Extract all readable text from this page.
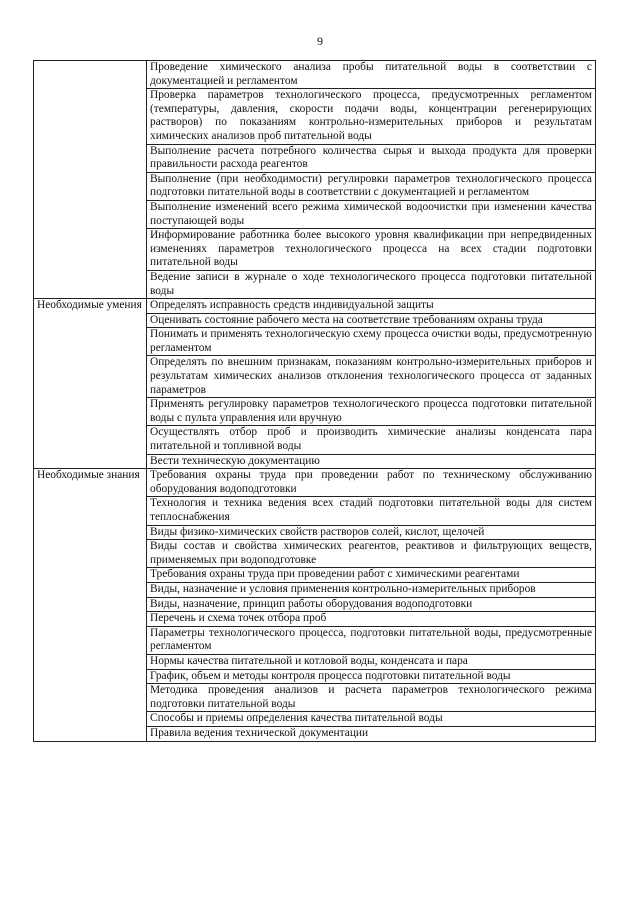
9

	Проведение химического анализа пробы питательной воды в соответствии с документацией и регламентом

	Проверка параметров технологического процесса, предусмотренных регламентом (температуры, давления, скорости подачи воды, концентрации регенерирующих растворов) по показаниям контрольно-измерительных приборов и результатам химических анализов проб питательной воды

	Выполнение расчета потребного количества сырья и выхода продукта для проверки правильности расхода реагентов

	Выполнение (при необходимости) регулировки параметров технологического процесса подготовки питательной воды в соответствии с документацией и регламентом

	Выполнение изменений всего режима химической водоочистки при изменении качества поступающей воды

	Информирование работника более высокого уровня квалификации при непредвиденных изменениях параметров технологического процесса на всех стадии подготовки питательной воды

	Ведение записи в журнале о ходе технологического процесса подготовки питательной воды

Необходимые умения	Определять исправность средств индивидуальной защиты

	Оценивать состояние рабочего места на соответствие требованиям охраны труда

	Понимать и применять технологическую схему процесса очистки воды, предусмотренную регламентом

	Определять по внешним признакам, показаниям контрольно-измерительных приборов и результатам химических анализов отклонения технологического процесса от заданных параметров

	Применять регулировку параметров технологического процесса подготовки питательной воды с пульта управления или вручную

	Осуществлять отбор проб и производить химические анализы конденсата пара питательной и топливной воды

	Вести техническую документацию

Необходимые знания	Требования охраны труда при проведении работ по техническому обслуживанию оборудования водоподготовки

	Технология и техника ведения всех стадий подготовки питательной воды для систем теплоснабжения

	Виды физико-химических свойств растворов солей, кислот, щелочей

	Виды состав и свойства химических реагентов, реактивов и фильтрующих веществ, применяемых при водоподготовке

	Требования охраны труда при проведении работ с химическими реагентами

	Виды, назначение и условия применения контрольно-измерительных приборов

	Виды, назначение, принцип работы оборудования водоподготовки

	Перечень и схема точек отбора проб

	Параметры технологического процесса, подготовки питательной воды, предусмотренные регламентом

	Нормы качества питательной и котловой воды, конденсата и пара

	График, объем и методы контроля процесса подготовки питательной воды

	Методика проведения анализов и расчета параметров технологического режима подготовки питательной воды

	Способы и приемы определения качества питательной воды

	Правила ведения технической документации
